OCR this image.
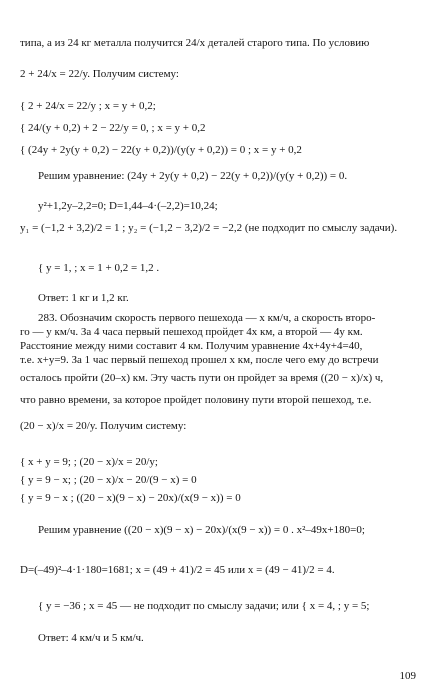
типа, а из 24 кг металла получится 24/x деталей старого типа. По условию
2 + 24/x = 22/y. Получим систему:
{ 2 + 24/x = 22/y ; x = y + 0,2;
{ 24/(y + 0,2) + 2 − 22/y = 0, ; x = y + 0,2
{ (24y + 2y(y + 0,2) − 22(y + 0,2))/(y(y + 0,2)) = 0 ; x = y + 0,2
Решим уравнение: (24y + 2y(y + 0,2) − 22(y + 0,2))/(y(y + 0,2)) = 0.
y²+1,2y–2,2=0; D=1,44–4·(–2,2)=10,24;
y₁ = (−1,2 + 3,2)/2 = 1 ; y₂ = (−1,2 − 3,2)/2 = −2,2 (не подходит по смыслу задачи).
{ y = 1, ; x = 1 + 0,2 = 1,2 .
Ответ: 1 кг и 1,2 кг.
283. Обозначим скорость первого пешехода — x км/ч, а скорость второ-
го — y км/ч. За 4 часа первый пешеход пройдет 4x км, а второй — 4y км.
Расстояние между ними составит 4 км. Получим уравнение 4x+4y+4=40,
т.е. x+y=9. За 1 час первый пешеход прошел x км, после чего ему до встречи
осталось пройти (20–x) км. Эту часть пути он пройдет за время ((20 − x)/x) ч,
что равно времени, за которое пройдет половину пути второй пешеход, т.е.
(20 − x)/x = 20/y. Получим систему:
{ x + y = 9; ; (20 − x)/x = 20/y;
{ y = 9 − x; ; (20 − x)/x − 20/(9 − x) = 0
{ y = 9 − x ; ((20 − x)(9 − x) − 20x)/(x(9 − x)) = 0
Решим уравнение ((20 − x)(9 − x) − 20x)/(x(9 − x)) = 0 . x²–49x+180=0;
D=(–49)²–4·1·180=1681; x = (49 + 41)/2 = 45 или x = (49 − 41)/2 = 4.
{ y = −36 ; x = 45 — не подходит по смыслу задачи; или { x = 4, ; y = 5;
Ответ: 4 км/ч и 5 км/ч.
109
